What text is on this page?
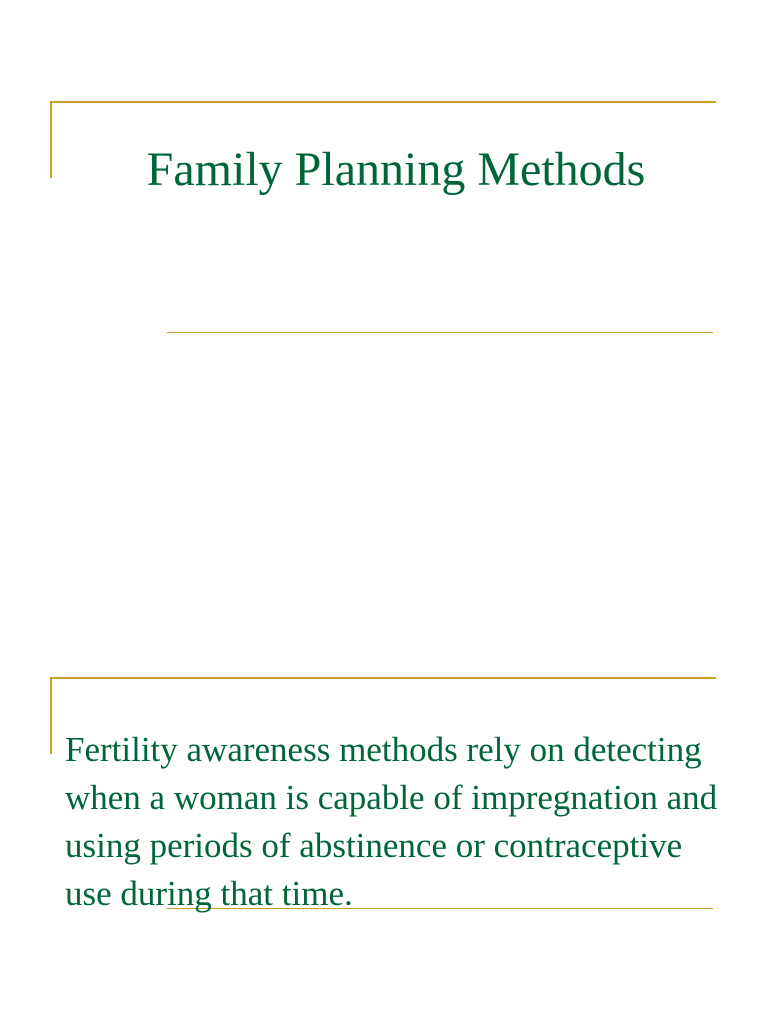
Family Planning Methods

Fertility awareness methods rely on detecting when a woman is capable of impregnation and using periods of abstinence or contraceptive use during that time.
